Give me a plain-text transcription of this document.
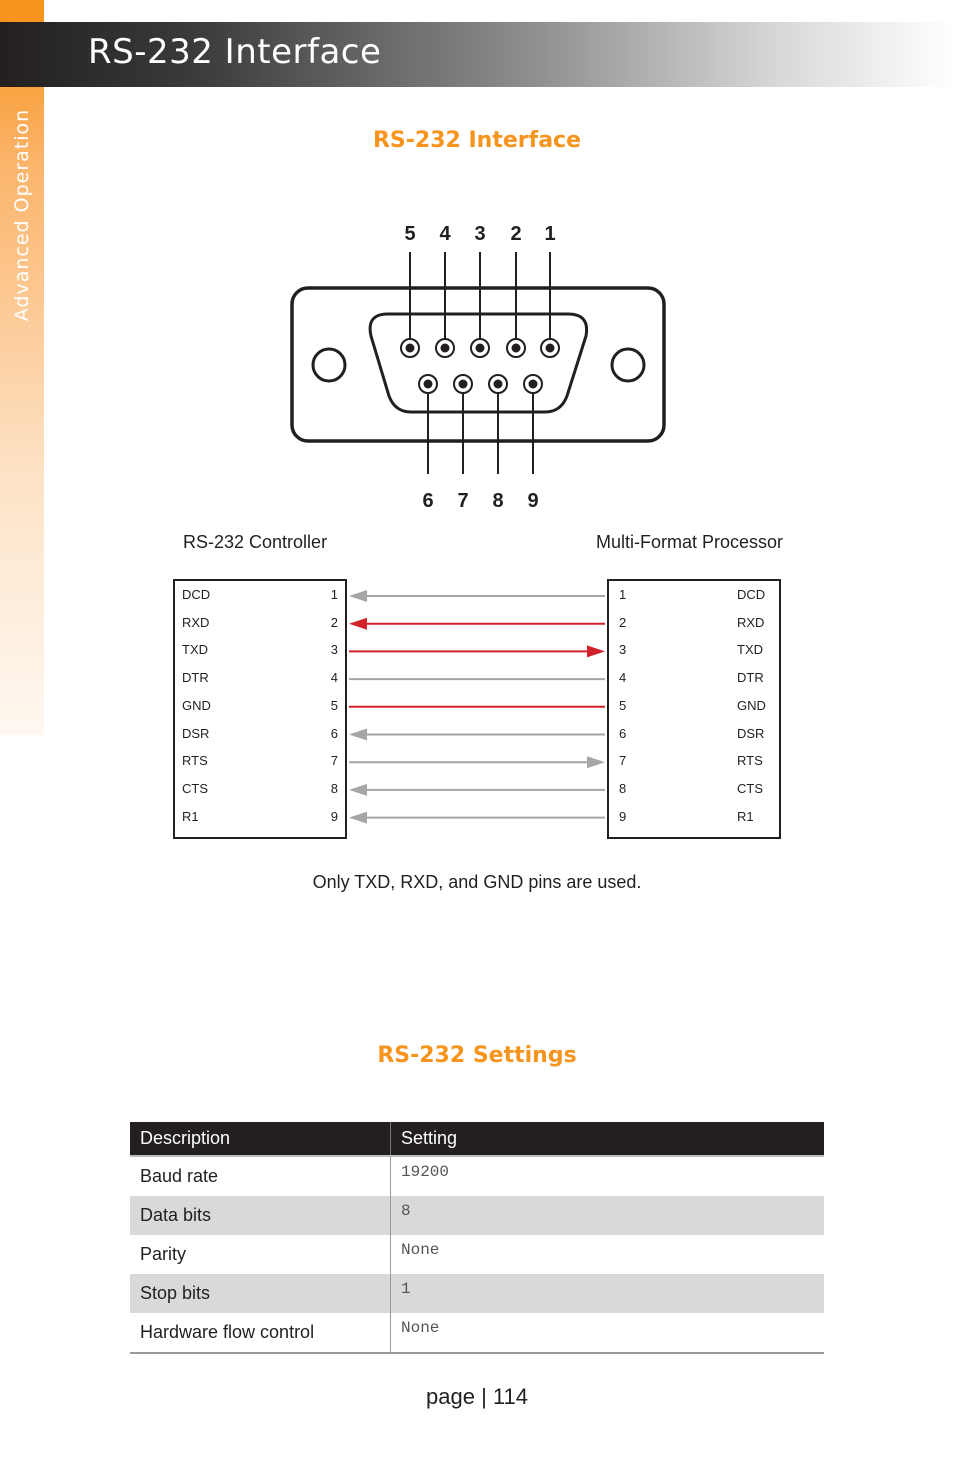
Advanced Operation
RS-232 Interface
RS-232 Interface
5 4 3 2 1
6 7 8 9
RS-232 Controller	Multi-Format Processor
DCD	1	1	DCD
RXD	2	2	RXD
TXD	3	3	TXD
DTR	4	4	DTR
GND	5	5	GND
DSR	6	6	DSR
RTS	7	7	RTS
CTS	8	8	CTS
R1	9	9	R1
Only TXD, RXD, and GND pins are used.
RS-232 Settings
Description	Setting
Baud rate	19200
Data bits	8
Parity	None
Stop bits	1
Hardware flow control	None
page | 114
